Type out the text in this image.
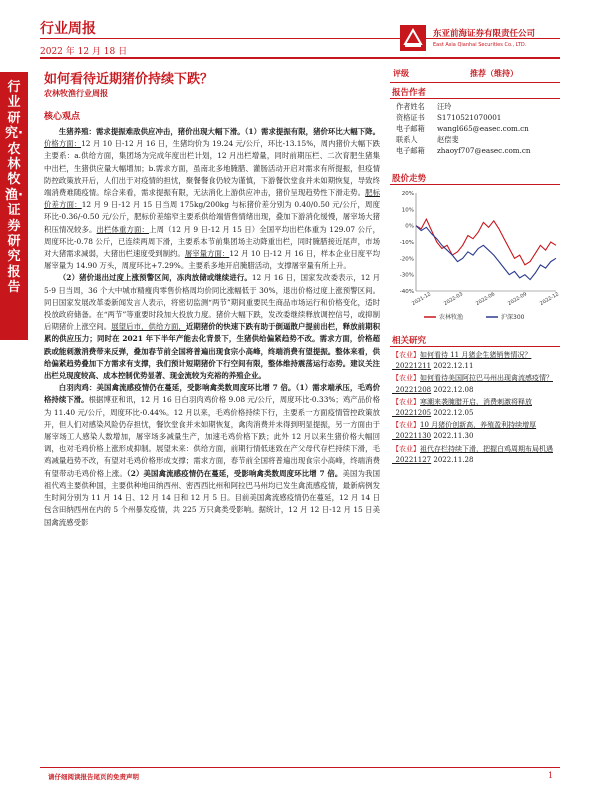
行业周报
2022 年 12 月 18 日
东亚前海证券有限责任公司
East Asia Qianhai Securities Co., LTD.
行业研究·农林牧渔·证券研究报告
如何看待近期猪价持续下跌？
农林牧渔行业周报
核心观点

生猪养殖：需求提振难敌供应冲击，猪价出现大幅下滑。（1）需求提振有限，猪价环比大幅下降。价格方面：12 月 10 日-12 月 16 日，生猪均价为 19.24 元/公斤，环比-13.15%，周内猪价大幅下跌主要系：a.供给方面，集团场为完成年度出栏计划，12 月出栏增量，同时前期压栏、二次育肥生猪集中出栏，生猪供应量大幅增加；b.需求方面，虽南北多地腌腊、灌肠活动开启对需求有所提振，但疫情防控政策放开后，人们出于对疫情的担忧，聚餐餐食仍较为谨慎，下游餐饮堂食并未如期恢复，导致终端消费难随疫情。综合来看，需求提振有限，无法消化上游供应冲击，猪价呈现趋势性下滑走势。肥标价差方面：12 月 9 日-12 月 15 日当周 175kg/200kg 与标猪价差分别为 0.40/0.50 元/公斤，周度环比-0.36/-0.50 元/公斤，肥标价差缩窄主要系供给端惜售情绪出现，叠加下游消化缓慢，屠宰场大猪积压情况较多。出栏体重方面：上周（12 月 9 日-12 月 15 日）全国平均出栏体重为 129.07 公斤，周度环比-0.78 公斤，已连续两周下滑，主要系本节前集团场主动降重出栏，同时腌腊接近尾声，市场对大猪需求减弱，大猪出栏速度受到制约。屠宰量方面：12 月 10 日-12 月 16 日，样本企业日度平均屠宰量为 14.90 万头，周度环比+7.29%。主要系多地开启腌腊活动，支撑屠宰量有所上升。

（2）猪价退出过度上涨预警区间，冻肉放储或继续进行。12 月 16 日，国家发改委表示，12 月 5-9 日当周，36 个大中城市精瘦肉零售价格周均价同比涨幅低于 30%，退出价格过度上涨预警区间。同日国家发展改革委新闻发言人表示，将密切监测“两节”期间重要民生商品市场运行和价格变化，适时投放政府储备。在“两节”等重要时段加大投放力度。猪价大幅下跌，发改委继续释放调控信号，或抑制后期猪价上涨空间。展望后市，供给方面，近期猪价的快速下跌有助于倒逼散户提前出栏，释放前期积累的供应压力；同时在 2021 年下半年产能去化背景下，生猪供给偏紧趋势不改。需求方面，价格超跌或能刺激消费带来反弹，叠加春节前全国将普遍出现食宗小高峰，终端消费有望提振。整体来看，供给偏紧趋势叠加下方需求有支撑，我们预计短期猪价下行空间有限，整体维持震荡运行态势。建议关注出栏兑现度较高、成本控制优势显著、现金流较为充裕的养殖企业。

白羽肉鸡：美国禽流感疫情仍在蔓延，受影响禽类数周度环比增 7 倍。（1）需求端承压，毛鸡价格持续下滑。根据博亚和讯，12 月 16 日白羽肉鸡价格 9.08 元/公斤，周度环比-0.33%；鸡产品价格为 11.40 元/公斤，周度环比-0.44%。12 月以来，毛鸡价格持续下行，主要系一方面疫情管控政策放开，但人们对感染风险仍存担忧，餐饮堂食并未如期恢复，禽肉消费并未得到明显提振，另一方面由于屠宰场工人感染人数增加，屠宰场多减量生产，加速毛鸡价格下跌；此外 12 月以来生猪价格大幅回调，也对毛鸡价格上涨形成抑制。展望未来：供给方面，前期行情低迷致在产父母代存栏持续下滑，毛鸡减量趋势不改，有望对毛鸡价格形成支撑；需求方面，春节前全国将普遍出现食宗小高峰，终端消费有望带动毛鸡价格上涨。（2）美国禽流感疫情仍在蔓延，受影响禽类数周度环比增 7 倍。美国为我国祖代鸡主要供种国，主要供种地田纳西州、密西西比州和阿拉巴马州均已发生禽流感疫情，最新病例发生时间分别为 11 月 14 日、12 月 14 日和 12 月 5 日。目前美国禽流感疫情仍在蔓延，12 月 14 日包含田纳西州在内的 5 个州暴发疫情，共 225 万只禽类受影响。据统计，12 月 12 日-12 月 15 日美国禽流感受影

评级	推荐（维持）
报告作者
作者姓名	汪玲
资格证书	S1710521070001
电子邮箱	wangl665@easec.com.cn
联系人	赵偿斐
电子邮箱	zhaoyf707@easec.com.cn
股价走势
20%
10%
0%
-10%
-20%
-30%
-40%
2021-12 2022-03 2022-06 2022-09 2022-12
农林牧渔	沪深300
相关研究
【农业】如何看待 11 月猪企生猪销售情况？_20221211 2022.12.11
【农业】如何看待美国阿拉巴马州出现禽流感疫情？_20221208 2022.12.08
【农业】寒潮来袭腌腊开启，消费刺激将释放_20221205 2022.12.05
【农业】10 月猪价创新高，养殖盈利持续增厚_20221130 2022.11.30
【农业】祖代存栏持续下滑，把握白鸡周期布局机遇_20221127 2022.11.28
请仔细阅读报告尾页的免责声明	1
